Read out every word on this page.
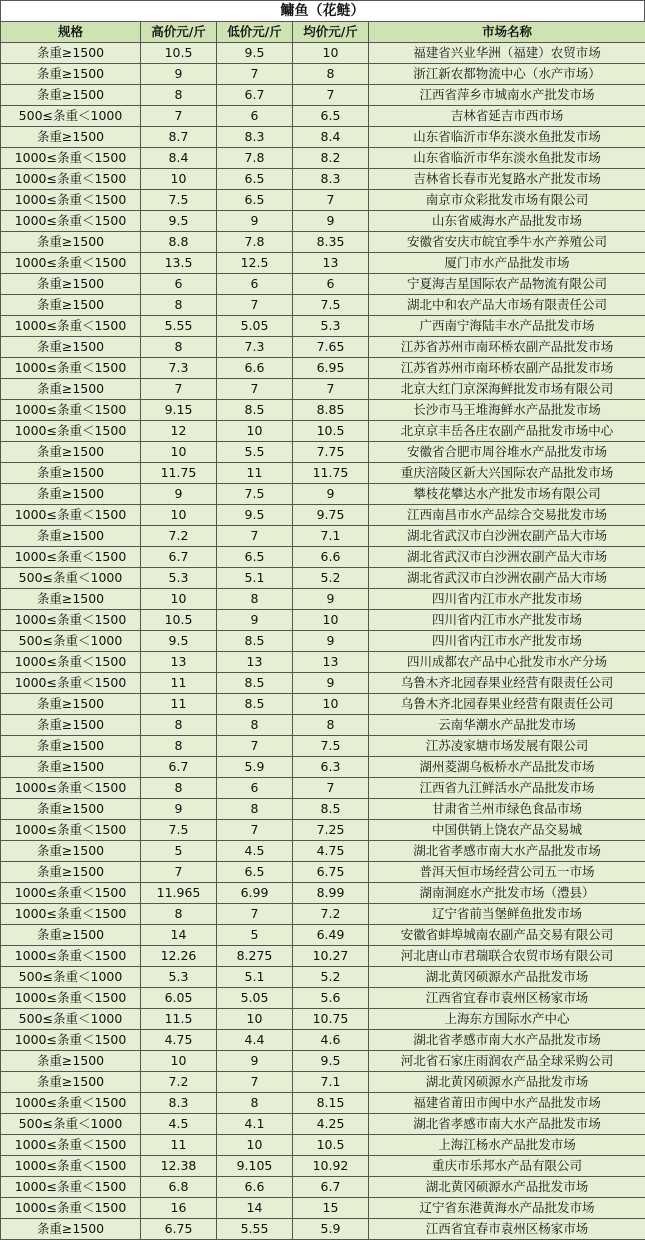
鳙鱼（花鲢）
规格	高价元/斤	低价元/斤	均价元/斤	市场名称
条重≥1500	10.5	9.5	10	福建省兴业华洲（福建）农贸市场
条重≥1500	9	7	8	浙江新农都物流中心（水产市场）
条重≥1500	8	6.7	7	江西省萍乡市城南水产批发市场
500≤条重＜1000	7	6	6.5	吉林省延吉市西市场
条重≥1500	8.7	8.3	8.4	山东省临沂市华东淡水鱼批发市场
1000≤条重＜1500	8.4	7.8	8.2	山东省临沂市华东淡水鱼批发市场
1000≤条重＜1500	10	6.5	8.3	吉林省长春市光复路水产批发市场
1000≤条重＜1500	7.5	6.5	7	南京市众彩批发市场有限公司
1000≤条重＜1500	9.5	9	9	山东省威海水产品批发市场
条重≥1500	8.8	7.8	8.35	安徽省安庆市皖宜季牛水产养殖公司
1000≤条重＜1500	13.5	12.5	13	厦门市水产品批发市场
条重≥1500	6	6	6	宁夏海吉星国际农产品物流有限公司
条重≥1500	8	7	7.5	湖北中和农产品大市场有限责任公司
1000≤条重＜1500	5.55	5.05	5.3	广西南宁海陆丰水产品批发市场
条重≥1500	8	7.3	7.65	江苏省苏州市南环桥农副产品批发市场
1000≤条重＜1500	7.3	6.6	6.95	江苏省苏州市南环桥农副产品批发市场
条重≥1500	7	7	7	北京大红门京深海鲜批发市场有限公司
1000≤条重＜1500	9.15	8.5	8.85	长沙市马王堆海鲜水产品批发市场
1000≤条重＜1500	12	10	10.5	北京京丰岳各庄农副产品批发市场中心
条重≥1500	10	5.5	7.75	安徽省合肥市周谷堆水产品批发市场
条重≥1500	11.75	11	11.75	重庆涪陵区新大兴国际农产品批发市场
条重≥1500	9	7.5	9	攀枝花攀达水产批发市场有限公司
1000≤条重＜1500	10	9.5	9.75	江西南昌市水产品综合交易批发市场
条重≥1500	7.2	7	7.1	湖北省武汉市白沙洲农副产品大市场
1000≤条重＜1500	6.7	6.5	6.6	湖北省武汉市白沙洲农副产品大市场
500≤条重＜1000	5.3	5.1	5.2	湖北省武汉市白沙洲农副产品大市场
条重≥1500	10	8	9	四川省内江市水产批发市场
1000≤条重＜1500	10.5	9	10	四川省内江市水产批发市场
500≤条重＜1000	9.5	8.5	9	四川省内江市水产批发市场
1000≤条重＜1500	13	13	13	四川成都农产品中心批发市水产分场
1000≤条重＜1500	11	8.5	9	乌鲁木齐北园春果业经营有限责任公司
条重≥1500	11	8.5	10	乌鲁木齐北园春果业经营有限责任公司
条重≥1500	8	8	8	云南华潮水产品批发市场
条重≥1500	8	7	7.5	江苏凌家塘市场发展有限公司
条重≥1500	6.7	5.9	6.3	湖州菱湖乌板桥水产品批发市场
1000≤条重＜1500	8	6	7	江西省九江鲜活水产品批发市场
条重≥1500	9	8	8.5	甘肃省兰州市绿色食品市场
1000≤条重＜1500	7.5	7	7.25	中国供销上饶农产品交易城
条重≥1500	5	4.5	4.75	湖北省孝感市南大水产品批发市场
条重≥1500	7	6.5	6.75	普洱天恒市场经营公司五一市场
1000≤条重＜1500	11.965	6.99	8.99	湖南洞庭水产批发市场（澧县）
1000≤条重＜1500	8	7	7.2	辽宁省前当堡鲜鱼批发市场
条重≥1500	14	5	6.49	安徽省蚌埠城南农副产品交易有限公司
1000≤条重＜1500	12.26	8.275	10.27	河北唐山市君瑞联合农贸市场有限公司
500≤条重＜1000	5.3	5.1	5.2	湖北黄冈硕源水产品批发市场
1000≤条重＜1500	6.05	5.05	5.6	江西省宜春市袁州区杨家市场
500≤条重＜1000	11.5	10	10.75	上海东方国际水产中心
1000≤条重＜1500	4.75	4.4	4.6	湖北省孝感市南大水产品批发市场
条重≥1500	10	9	9.5	河北省石家庄雨润农产品全球采购公司
条重≥1500	7.2	7	7.1	湖北黄冈硕源水产品批发市场
1000≤条重＜1500	8.3	8	8.15	福建省莆田市闽中水产品批发市场
500≤条重＜1000	4.5	4.1	4.25	湖北省孝感市南大水产品批发市场
1000≤条重＜1500	11	10	10.5	上海江杨水产品批发市场
1000≤条重＜1500	12.38	9.105	10.92	重庆市乐邦水产品有限公司
1000≤条重＜1500	6.8	6.6	6.7	湖北黄冈硕源水产品批发市场
1000≤条重＜1500	16	14	15	辽宁省东港黄海水产品批发市场
条重≥1500	6.75	5.55	5.9	江西省宜春市袁州区杨家市场
